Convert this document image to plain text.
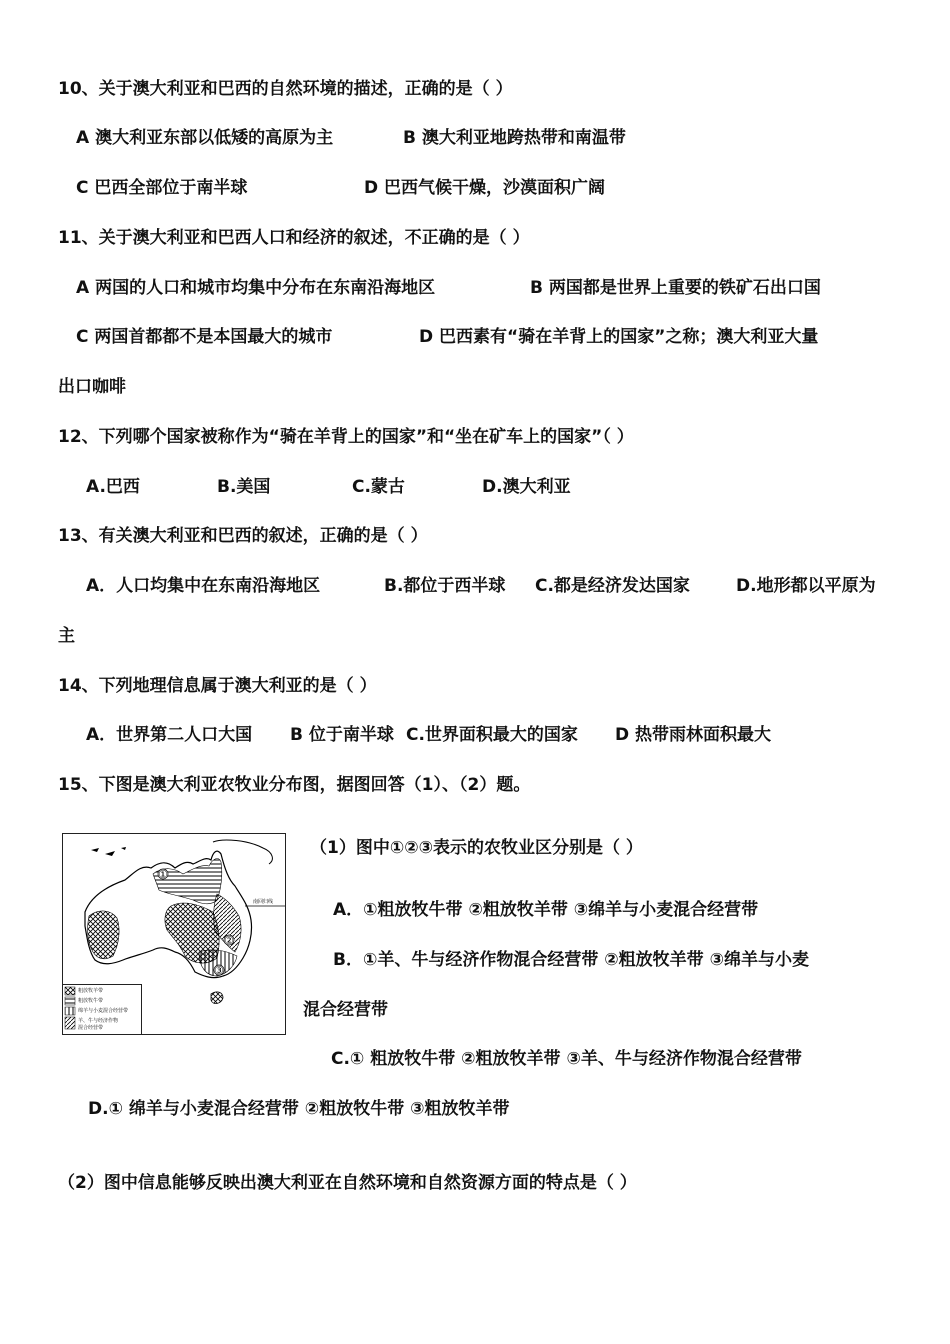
10、关于澳大利亚和巴西的自然环境的描述，正确的是（ ）
A 澳大利亚东部以低矮的高原为主	B 澳大利亚地跨热带和南温带
C 巴西全部位于南半球	D 巴西气候干燥，沙漠面积广阔
11、关于澳大利亚和巴西人口和经济的叙述，不正确的是（ ）
A 两国的人口和城市均集中分布在东南沿海地区	B 两国都是世界上重要的铁矿石出口国
C 两国首都都不是本国最大的城市	D 巴西素有“骑在羊背上的国家”之称；澳大利亚大量
出口咖啡
12、下列哪个国家被称作为“骑在羊背上的国家”和“坐在矿车上的国家”（ ）
A.巴西	B.美国	C.蒙古	D.澳大利亚
13、有关澳大利亚和巴西的叙述，正确的是（ ）
A．人口均集中在东南沿海地区	B.都位于西半球 C.都是经济发达国家	D.地形都以平原为
主
14、下列地理信息属于澳大利亚的是（ ）
A．世界第二人口大国 B 位于南半球 C.世界面积最大的国家 D 热带雨林面积最大
15、下图是澳大利亚农牧业分布图，据图回答（1）、（2）题。
南回归线
①
②
③
粗放牧羊带
粗放牧牛带
绵羊与小麦混合经营带
羊、牛与经济作物
混合经营带
（1）图中①②③表示的农牧业区分别是（ ）
A．①粗放牧牛带 ②粗放牧羊带 ③绵羊与小麦混合经营带
B．①羊、牛与经济作物混合经营带 ②粗放牧羊带 ③绵羊与小麦
混合经营带
C.① 粗放牧牛带 ②粗放牧羊带 ③羊、牛与经济作物混合经营带
D.① 绵羊与小麦混合经营带 ②粗放牧牛带 ③粗放牧羊带
（2）图中信息能够反映出澳大利亚在自然环境和自然资源方面的特点是（ ）
